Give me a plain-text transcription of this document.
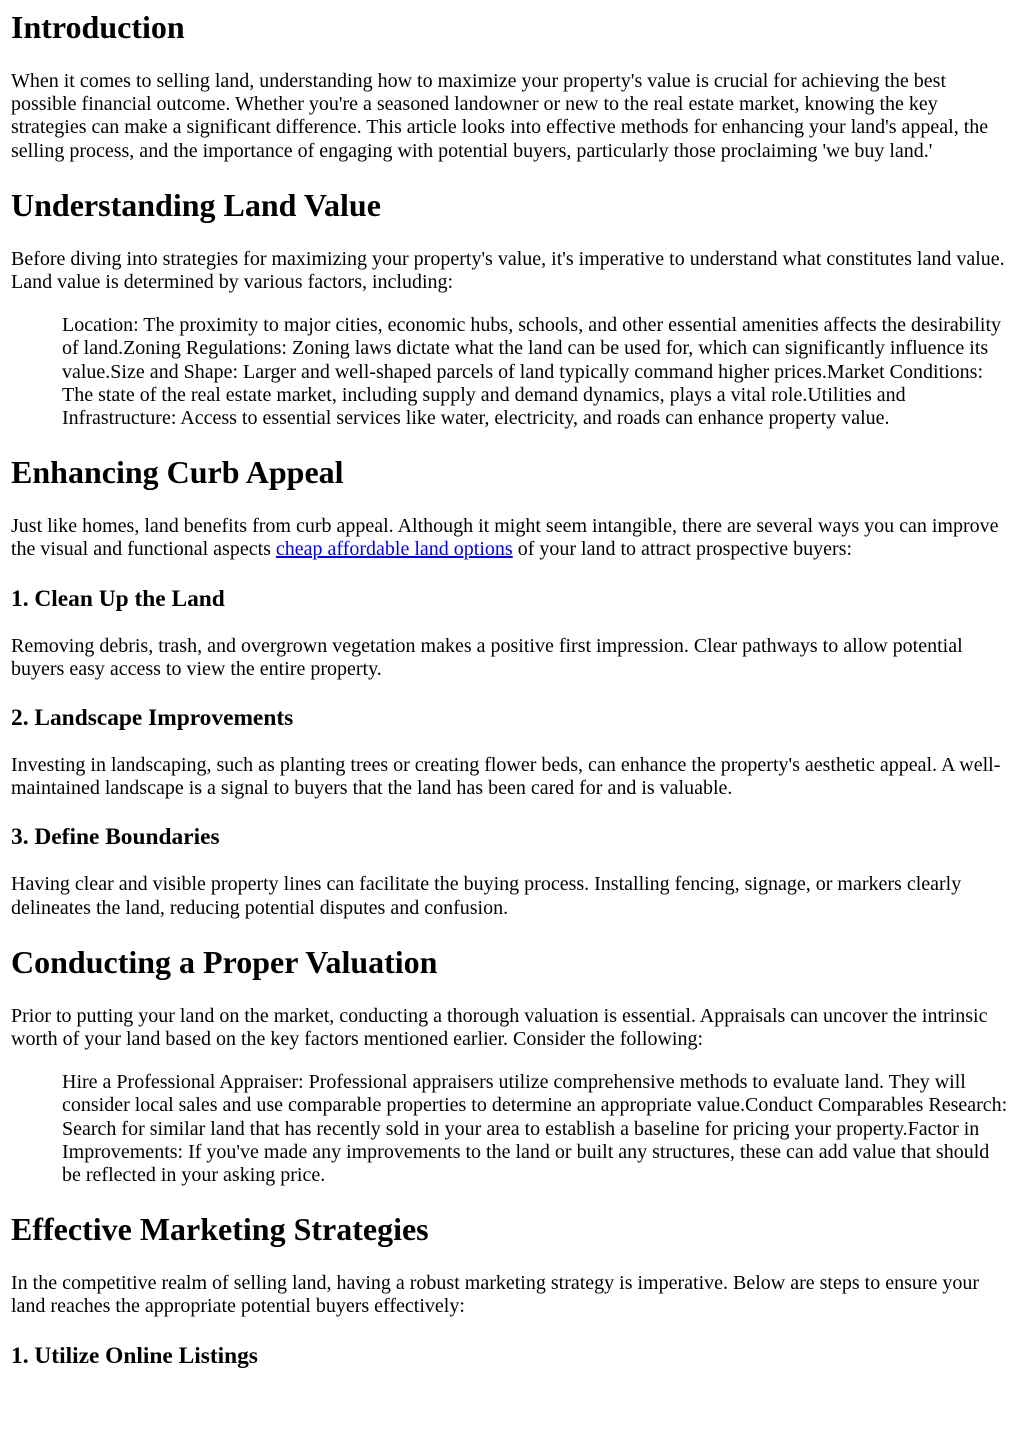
Introduction

When it comes to selling land, understanding how to maximize your property's value is crucial for achieving the best possible financial outcome. Whether you're a seasoned landowner or new to the real estate market, knowing the key strategies can make a significant difference. This article looks into effective methods for enhancing your land's appeal, the selling process, and the importance of engaging with potential buyers, particularly those proclaiming 'we buy land.'

Understanding Land Value

Before diving into strategies for maximizing your property's value, it's imperative to understand what constitutes land value. Land value is determined by various factors, including:

Location: The proximity to major cities, economic hubs, schools, and other essential amenities affects the desirability of land.Zoning Regulations: Zoning laws dictate what the land can be used for, which can significantly influence its value.Size and Shape: Larger and well-shaped parcels of land typically command higher prices.Market Conditions: The state of the real estate market, including supply and demand dynamics, plays a vital role.Utilities and Infrastructure: Access to essential services like water, electricity, and roads can enhance property value.

Enhancing Curb Appeal

Just like homes, land benefits from curb appeal. Although it might seem intangible, there are several ways you can improve the visual and functional aspects cheap affordable land options of your land to attract prospective buyers:

1. Clean Up the Land

Removing debris, trash, and overgrown vegetation makes a positive first impression. Clear pathways to allow potential buyers easy access to view the entire property.

2. Landscape Improvements

Investing in landscaping, such as planting trees or creating flower beds, can enhance the property's aesthetic appeal. A well-maintained landscape is a signal to buyers that the land has been cared for and is valuable.

3. Define Boundaries

Having clear and visible property lines can facilitate the buying process. Installing fencing, signage, or markers clearly delineates the land, reducing potential disputes and confusion.

Conducting a Proper Valuation

Prior to putting your land on the market, conducting a thorough valuation is essential. Appraisals can uncover the intrinsic worth of your land based on the key factors mentioned earlier. Consider the following:

Hire a Professional Appraiser: Professional appraisers utilize comprehensive methods to evaluate land. They will consider local sales and use comparable properties to determine an appropriate value.Conduct Comparables Research: Search for similar land that has recently sold in your area to establish a baseline for pricing your property.Factor in Improvements: If you've made any improvements to the land or built any structures, these can add value that should be reflected in your asking price.

Effective Marketing Strategies

In the competitive realm of selling land, having a robust marketing strategy is imperative. Below are steps to ensure your land reaches the appropriate potential buyers effectively:

1. Utilize Online Listings
